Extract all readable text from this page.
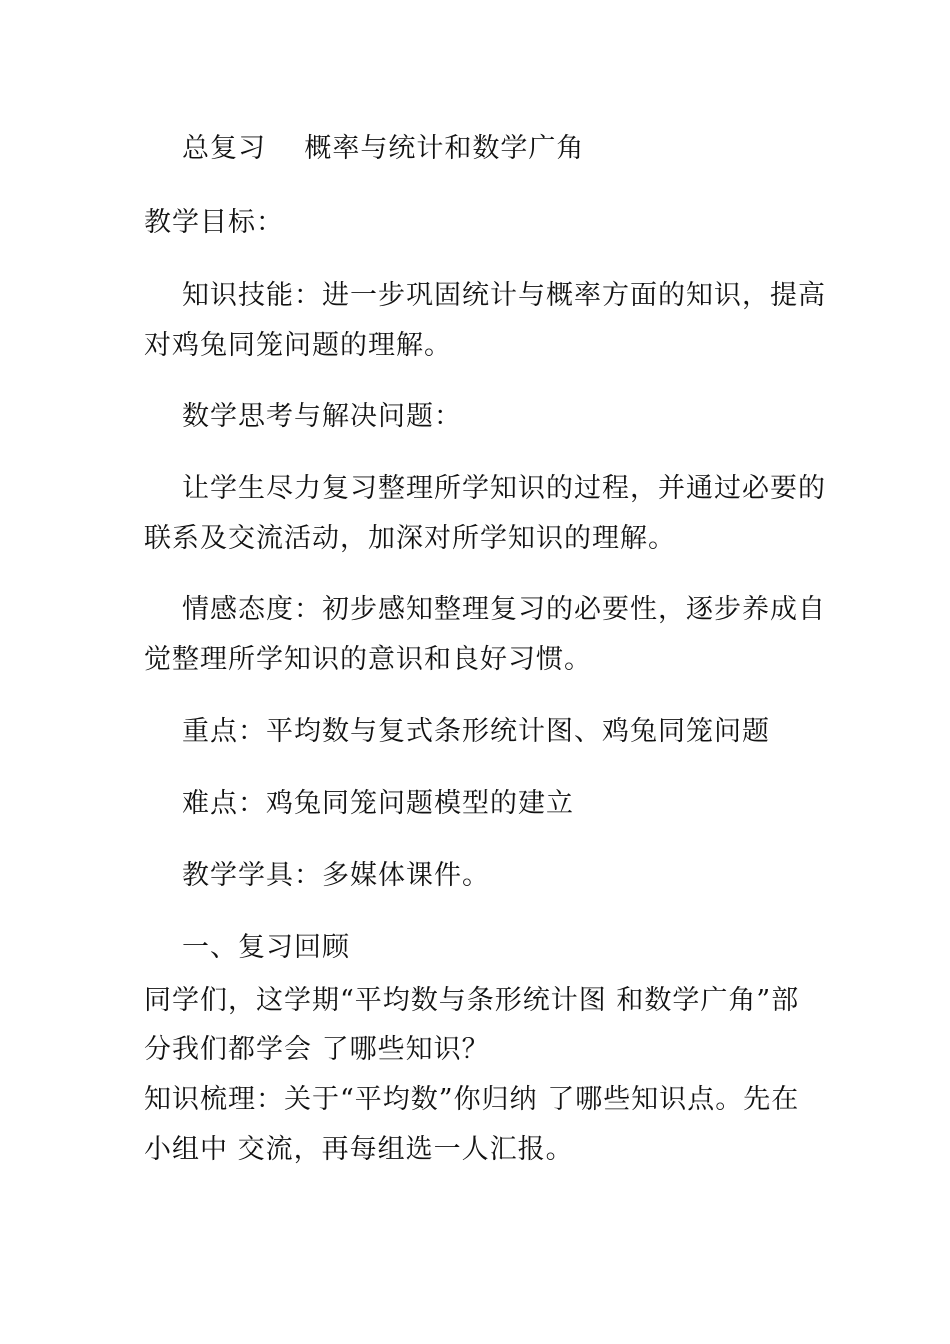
总复习    概率与统计和数学广角
教学目标：
知识技能：进一步巩固统计与概率方面的知识，提高
对鸡兔同笼问题的理解。
数学思考与解决问题：
让学生尽力复习整理所学知识的过程，并通过必要的
联系及交流活动，加深对所学知识的理解。
情感态度：初步感知整理复习的必要性，逐步养成自
觉整理所学知识的意识和良好习惯。
重点：平均数与复式条形统计图、鸡兔同笼问题
难点：鸡兔同笼问题模型的建立
教学学具：多媒体课件。
一、复习回顾
同学们，这学期“平均数与条形统计图 和数学广角”部
分我们都学会 了哪些知识？
知识梳理：关于“平均数”你归纳 了哪些知识点。先在
小组中 交流，再每组选一人汇报。
